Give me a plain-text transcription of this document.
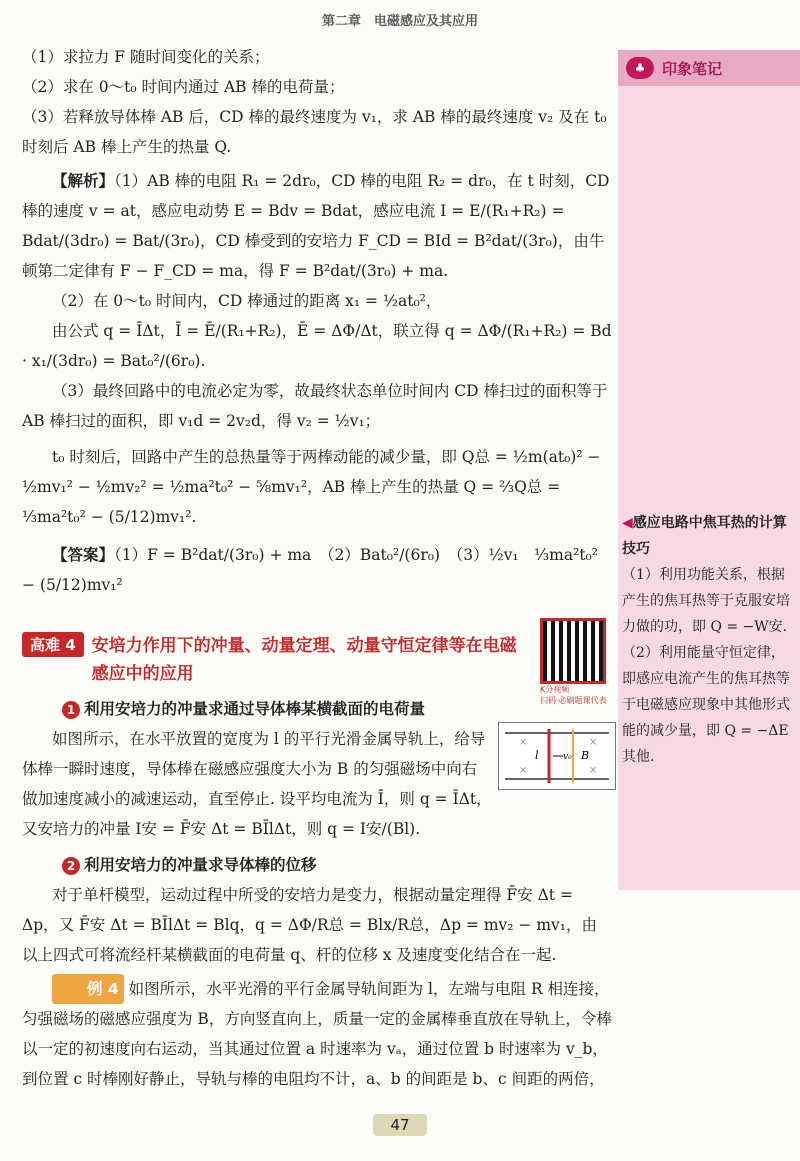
第二章　电磁感应及其应用
♣	印象笔记
◀感应电路中焦耳热的计算技巧
（1）利用功能关系，根据产生的焦耳热等于克服安培力做的功，即 Q = −W安.
（2）利用能量守恒定律，即感应电流产生的焦耳热等于电磁感应现象中其他形式能的减少量，即 Q = −ΔE其他.

（1）求拉力 F 随时间变化的关系；

（2）求在 0～t₀ 时间内通过 AB 棒的电荷量；

（3）若释放导体棒 AB 后，CD 棒的最终速度为 v₁，求 AB 棒的最终速度 v₂ 及在 t₀ 时刻后 AB 棒上产生的热量 Q.

【解析】（1）AB 棒的电阻 R₁ = 2dr₀，CD 棒的电阻 R₂ = dr₀，在 t 时刻，CD 棒的速度 v = at，感应电动势 E = Bdv = Bdat，感应电流 I = E/(R₁+R₂) = Bdat/(3dr₀) = Bat/(3r₀)，CD 棒受到的安培力 F_CD = BId = B²dat/(3r₀)，由牛顿第二定律有 F − F_CD = ma，得 F = B²dat/(3r₀) + ma.

（2）在 0～t₀ 时间内，CD 棒通过的距离 x₁ = ½at₀²，

由公式 q = ĪΔt，Ī = Ē/(R₁+R₂)，Ē = ΔΦ/Δt，联立得 q = ΔΦ/(R₁+R₂) = Bd · x₁/(3dr₀) = Bat₀²/(6r₀).

（3）最终回路中的电流必定为零，故最终状态单位时间内 CD 棒扫过的面积等于 AB 棒扫过的面积，即 v₁d = 2v₂d，得 v₂ = ½v₁；

t₀ 时刻后，回路中产生的总热量等于两棒动能的减少量，即 Q总 = ½m(at₀)² − ½mv₁² − ½mv₂² = ½ma²t₀² − ⅝mv₁²，AB 棒上产生的热量 Q = ⅔Q总 = ⅓ma²t₀² − (5/12)mv₁².

【答案】（1）F = B²dat/(3r₀) + ma　（2）Bat₀²/(6r₀)　（3）½v₁　⅓ma²t₀² − (5/12)mv₁²

高难 4 安培力作用下的冲量、动量定理、动量守恒定律等在电磁感应中的应用
1 利用安培力的冲量求通过导体棒某横截面的电荷量
如图所示，在水平放置的宽度为 l 的平行光滑金属导轨上，给导体棒一瞬时速度，导体棒在磁感应强度大小为 B 的匀强磁场中向右做加速度减小的减速运动，直至停止. 设平均电流为 Ī，则 q = ĪΔt，又安培力的冲量 I安 = F̄安 Δt = BĪlΔt，则 q = I安/(Bl).
2 利用安培力的冲量求导体棒的位移
对于单杆模型，运动过程中所受的安培力是变力，根据动量定理得 F̄安 Δt = Δp，又 F̄安 Δt = BĪlΔt = Blq，q = ΔΦ/R总 = Blx/R总，Δp = mv₂ − mv₁，由以上四式可将流经杆某横截面的电荷量 q、杆的位移 x 及速度变化结合在一起.
例 4 如图所示，水平光滑的平行金属导轨间距为 l，左端与电阻 R 相连接，匀强磁场的磁感应强度为 B，方向竖直向上，质量一定的金属棒垂直放在导轨上，令棒以一定的初速度向右运动，当其通过位置 a 时速率为 vₐ，通过位置 b 时速率为 v_b，到位置 c 时棒刚好静止，导轨与棒的电阻均不计，a、b 的间距是 b、c 间距的两倍，
K分视频
扫码·必刷题课代表
×
×
×
×
l	v₀ B
47
